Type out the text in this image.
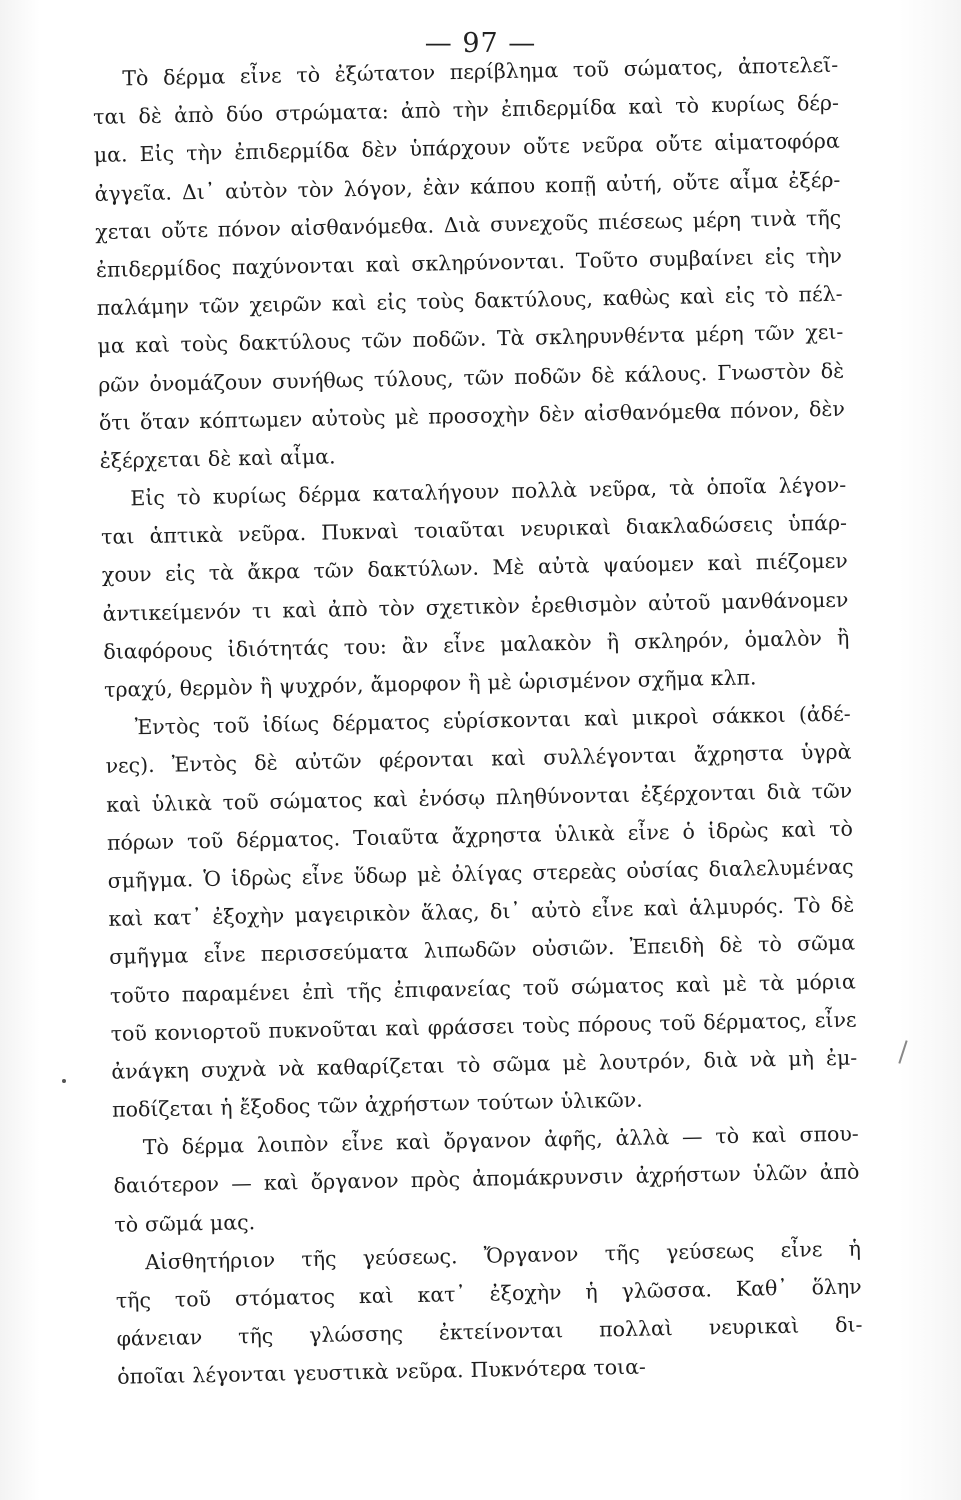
— 97 —
Τὸ δέρμα εἶνε τὸ ἐξώτατον περίβλημα τοῦ σώματος, ἀποτελεῖ-
ται δὲ ἀπὸ δύο στρώματα: ἀπὸ τὴν ἐπιδερμίδα καὶ τὸ κυρίως δέρ-
μα. Εἰς τὴν ἐπιδερμίδα δὲν ὑπάρχουν οὔτε νεῦρα οὔτε αἱματοφόρα
ἀγγεῖα. Δι᾽ αὐτὸν τὸν λόγον, ἐὰν κάπου κοπῇ αὐτή, οὔτε αἷμα ἐξέρ-
χεται οὔτε πόνον αἰσθανόμεθα. Διὰ συνεχοῦς πιέσεως μέρη τινὰ τῆς
ἐπιδερμίδος παχύνονται καὶ σκληρύνονται. Τοῦτο συμβαίνει εἰς τὴν
παλάμην τῶν χειρῶν καὶ εἰς τοὺς δακτύλους, καθὼς καὶ εἰς τὸ πέλ-
μα καὶ τοὺς δακτύλους τῶν ποδῶν. Τὰ σκληρυνθέντα μέρη τῶν χει-
ρῶν ὀνομάζουν συνήθως τύλους, τῶν ποδῶν δὲ κάλους. Γνωστὸν δὲ
ὅτι ὅταν κόπτωμεν αὐτοὺς μὲ προσοχὴν δὲν αἰσθανόμεθα πόνον, δὲν
ἐξέρχεται δὲ καὶ αἷμα.
Εἰς τὸ κυρίως δέρμα καταλήγουν πολλὰ νεῦρα, τὰ ὁποῖα λέγον-
ται ἁπτικὰ νεῦρα. Πυκναὶ τοιαῦται νευρικαὶ διακλαδώσεις ὑπάρ-
χουν εἰς τὰ ἄκρα τῶν δακτύλων. Μὲ αὐτὰ ψαύομεν καὶ πιέζομεν
ἀντικείμενόν τι καὶ ἀπὸ τὸν σχετικὸν ἐρεθισμὸν αὐτοῦ μανθάνομεν
διαφόρους ἰδιότητάς του: ἂν εἶνε μαλακὸν ἢ σκληρόν, ὁμαλὸν ἢ
τραχύ, θερμὸν ἢ ψυχρόν, ἄμορφον ἢ μὲ ὡρισμένον σχῆμα κλπ.
Ἐντὸς τοῦ ἰδίως δέρματος εὑρίσκονται καὶ μικροὶ σάκκοι (ἀδέ-
νες). Ἐντὸς δὲ αὐτῶν φέρονται καὶ συλλέγονται ἄχρηστα ὑγρὰ
καὶ ὑλικὰ τοῦ σώματος καὶ ἐνόσῳ πληθύνονται ἐξέρχονται διὰ τῶν
πόρων τοῦ δέρματος. Τοιαῦτα ἄχρηστα ὑλικὰ εἶνε ὁ ἱδρὼς καὶ τὸ
σμῆγμα. Ὁ ἱδρὼς εἶνε ὕδωρ μὲ ὀλίγας στερεὰς οὐσίας διαλελυμένας
καὶ κατ᾽ ἐξοχὴν μαγειρικὸν ἅλας, δι᾽ αὐτὸ εἶνε καὶ ἁλμυρός. Τὸ δὲ
σμῆγμα εἶνε περισσεύματα λιπωδῶν οὐσιῶν. Ἐπειδὴ δὲ τὸ σῶμα
τοῦτο παραμένει ἐπὶ τῆς ἐπιφανείας τοῦ σώματος καὶ μὲ τὰ μόρια
τοῦ κονιορτοῦ πυκνοῦται καὶ φράσσει τοὺς πόρους τοῦ δέρματος, εἶνε
ἀνάγκη συχνὰ νὰ καθαρίζεται τὸ σῶμα μὲ λουτρόν, διὰ νὰ μὴ ἐμ-
ποδίζεται ἡ ἔξοδος τῶν ἀχρήστων τούτων ὑλικῶν.
Τὸ δέρμα λοιπὸν εἶνε καὶ ὄργανον ἀφῆς, ἀλλὰ — τὸ καὶ σπου-
δαιότερον — καὶ ὄργανον πρὸς ἀπομάκρυνσιν ἀχρήστων ὑλῶν ἀπὸ
τὸ σῶμά μας.
Αἰσθητήριον τῆς γεύσεως. Ὄργανον τῆς γεύσεως εἶνε ἡ
τῆς τοῦ στόματος καὶ κατ᾽ ἐξοχὴν ἡ γλῶσσα. Καθ᾽ ὅλην
φάνειαν τῆς γλώσσης ἐκτείνονται πολλαὶ νευρικαὶ δι-
ὁποῖαι λέγονται γευστικὰ νεῦρα. Πυκνότερα τοια-
